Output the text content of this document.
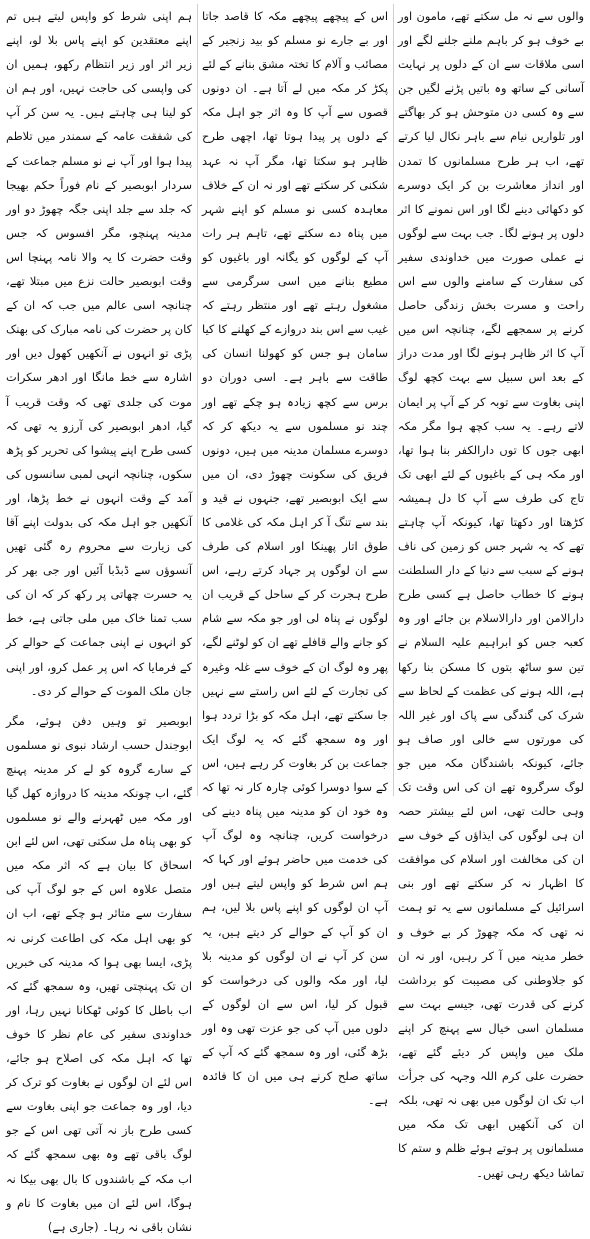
والوں سے نہ مل سکتے تھے، مامون اور بے خوف ہو کر باہم ملنے جلنے لگے اور اسی ملاقات سے ان کے دلوں پر نہایت آسانی کے ساتھ وہ باتیں پڑنے لگیں جن سے وہ کسی دن متوحش ہو کر بھاگتے اور تلواریں نیام سے باہر نکال لیا کرتے تھے، اب ہر طرح مسلمانوں کا تمدن اور انداز معاشرت بن کر ایک دوسرے کو دکھائی دینے لگا اور اس نمونے کا اثر دلوں پر ہونے لگا۔ جب بہت سے لوگوں نے عملی صورت میں خداوندی سفیر کی سفارت کے سامنے والوں سے اس راحت و مسرت بخش زندگی حاصل کرنے پر سمجھے لگے، چنانچہ اس میں آپ کا اثر ظاہر ہونے لگا اور مدت دراز کے بعد اس سبیل سے بہت کچھ لوگ اپنی بغاوت سے توبہ کر کے آپ پر ایمان لاتے رہے۔ یہ سب کچھ ہوا مگر مکہ ابھی جوں کا توں دارالکفر بنا ہوا تھا، اور مکہ ہی کے باغیوں کے لئے ابھی تک تاج کی طرف سے آپ کا دل ہمیشہ کڑھتا اور دکھتا تھا، کیونکہ آپ چاہتے تھے کہ یہ شہر جس کو زمین کی ناف ہونے کے سبب سے دنیا کے دار السلطنت ہونے کا خطاب حاصل ہے کسی طرح دارالامن اور دارالاسلام بن جائے اور وہ کعبہ جس کو ابراہیم علیہ السلام نے تین سو ساٹھ بتوں کا مسکن بنا رکھا ہے، اللہ ہونے کی عظمت کے لحاظ سے شرک کی گندگی سے پاک اور غیر اللہ کی مورتوں سے خالی اور صاف ہو جائے، کیونکہ باشندگان مکہ میں جو لوگ سرگروہ تھے ان کی اس وقت تک وہی حالت تھی، اس لئے بیشتر حصہ ان ہی لوگوں کی ایذاؤں کے خوف سے ان کی مخالفت اور اسلام کی موافقت کا اظہار نہ کر سکتے تھے اور بنی اسرائیل کے مسلمانوں سے یہ تو ہمت نہ تھی کہ مکہ چھوڑ کر بے خوف و خطر مدینہ میں آ کر رہیں، اور نہ ان کو جلاوطنی کی مصیبت کو برداشت کرنے کی قدرت تھی، جیسے بہت سے مسلمان اسی خیال سے پہنچ کر اپنے ملک میں واپس کر دیئے گئے تھے، حضرت علی کرم اللہ وجہہ کی جرأت اب تک ان لوگوں میں بھی نہ تھی، بلکہ ان کی آنکھیں ابھی تک مکہ میں مسلمانوں پر ہوتے ہوئے ظلم و ستم کا تماشا دیکھ رہی تھیں۔

اس کے پیچھے پیچھے مکہ کا قاصد جاتا اور بے جارے نو مسلم کو بید زنجیر کے مصائب و آلام کا تختہ مشق بنانے کے لئے پکڑ کر مکہ میں لے آتا ہے۔ ان دونوں قصوں سے آپ کا وہ اثر جو اہل مکہ کے دلوں پر پیدا ہوتا تھا، اچھی طرح ظاہر ہو سکتا تھا، مگر آپ نہ عہد شکنی کر سکتے تھے اور نہ ان کے خلاف معاہدہ کسی نو مسلم کو اپنے شہر میں پناہ دے سکتے تھے، تاہم ہر رات آپ کے لوگوں کو یگانہ اور باغیوں کو مطیع بنانے میں اسی سرگرمی سے مشغول رہتے تھے اور منتظر رہتے کہ غیب سے اس بند دروازے کے کھلنے کا کیا سامان ہو جس کو کھولنا انسان کی طاقت سے باہر ہے۔ اسی دوران دو برس سے کچھ زیادہ ہو چکے تھے اور چند نو مسلموں سے یہ دیکھ کر کہ دوسرے مسلمان مدینہ میں ہیں، دونوں فریق کی سکونت چھوڑ دی، ان میں سے ایک ابوبصیر تھے، جنہوں نے قید و بند سے تنگ آ کر اہل مکہ کی غلامی کا طوق اتار پھینکا اور اسلام کی طرف سے ان لوگوں پر جہاد کرتے رہے، اس طرح ہجرت کر کے ساحل کے قریب ان لوگوں نے پناہ لی اور جو مکہ سے شام کو جانے والے قافلے تھے ان کو لوٹنے لگے، پھر وہ لوگ ان کے خوف سے غلہ وغیرہ کی تجارت کے لئے اس راستے سے نہیں جا سکتے تھے، اہل مکہ کو بڑا تردد ہوا اور وہ سمجھ گئے کہ یہ لوگ ایک جماعت بن کر بغاوت کر رہے ہیں، اس کے سوا دوسرا کوئی چارہ کار نہ تھا کہ وہ خود ان کو مدینہ میں پناہ دینے کی درخواست کریں، چنانچہ وہ لوگ آپ کی خدمت میں حاضر ہوئے اور کہا کہ ہم اس شرط کو واپس لیتے ہیں اور آپ ان لوگوں کو اپنے پاس بلا لیں، ہم ان کو آپ کے حوالے کر دیتے ہیں، یہ سن کر آپ نے ان لوگوں کو مدینہ بلا لیا، اور مکہ والوں کی درخواست کو قبول کر لیا، اس سے ان لوگوں کے دلوں میں آپ کی جو عزت تھی وہ اور بڑھ گئی، اور وہ سمجھ گئے کہ آپ کے ساتھ صلح کرنے ہی میں ان کا فائدہ ہے۔

ہم اپنی شرط کو واپس لیتے ہیں تم اپنے معتقدین کو اپنے پاس بلا لو، اپنے زیر اثر اور زیر انتظام رکھو، ہمیں ان کی واپسی کی حاجت نہیں، اور ہم ان کو لینا ہی چاہتے ہیں۔ یہ سن کر آپ کی شفقت عامہ کے سمندر میں تلاطم پیدا ہوا اور آپ نے نو مسلم جماعت کے سردار ابوبصیر کے نام فوراً حکم بھیجا کہ جلد سے جلد اپنی جگہ چھوڑ دو اور مدینہ پہنچو، مگر افسوس کہ جس وقت حضرت کا یہ والا نامہ پہنچا اس وقت ابوبصیر حالت نزع میں مبتلا تھے، چنانچہ اسی عالم میں جب کہ ان کے کان پر حضرت کی نامہ مبارک کی بھنک پڑی تو انہوں نے آنکھیں کھول دیں اور اشارہ سے خط مانگا اور ادھر سکرات موت کی جلدی تھی کہ وقت قریب آ گیا، ادھر ابوبصیر کی آرزو یہ تھی کہ کسی طرح اپنے پیشوا کی تحریر کو پڑھ سکوں، چنانچہ انہی لمبی سانسوں کی آمد کے وقت انہوں نے خط پڑھا، اور آنکھیں جو اہل مکہ کی بدولت اپنے آقا کی زیارت سے محروم رہ گئی تھیں آنسوؤں سے ڈبڈبا آئیں اور جی بھر کر یہ حسرت چھاتی پر رکھ کر کہ ان کی سب تمنا خاک میں ملی جاتی ہے، خط کو انہوں نے اپنی جماعت کے حوالے کر کے فرمایا کہ اس پر عمل کرو، اور اپنی جان ملک الموت کے حوالے کر دی۔

ابوبصیر تو وہیں دفن ہوئے، مگر ابوجندل حسب ارشاد نبوی نو مسلموں کے سارے گروہ کو لے کر مدینہ پہنچ گئے، اب چونکہ مدینہ کا دروازہ کھل گیا اور مکہ میں ٹھہرنے والے نو مسلموں کو بھی پناہ مل سکتی تھی، اس لئے ابن اسحاق کا بیان ہے کہ اثر مکہ میں متصل علاوہ اس کے جو لوگ آپ کی سفارت سے متاثر ہو چکے تھے، اب ان کو بھی اہل مکہ کی اطاعت کرنی نہ پڑی، ایسا بھی ہوا کہ مدینہ کی خبریں ان تک پہنچتی تھیں، وہ سمجھ گئے کہ اب باطل کا کوئی ٹھکانا نہیں رہا، اور خداوندی سفیر کی عام نظر کا خوف تھا کہ اہل مکہ کی اصلاح ہو جائے، اس لئے ان لوگوں نے بغاوت کو ترک کر دیا، اور وہ جماعت جو اپنی بغاوت سے کسی طرح باز نہ آتی تھی اس کے جو لوگ باقی تھے وہ بھی سمجھ گئے کہ اب مکہ کے باشندوں کا بال بھی بیکا نہ ہوگا، اس لئے ان میں بغاوت کا نام و نشان باقی نہ رہا۔ (جاری ہے)
